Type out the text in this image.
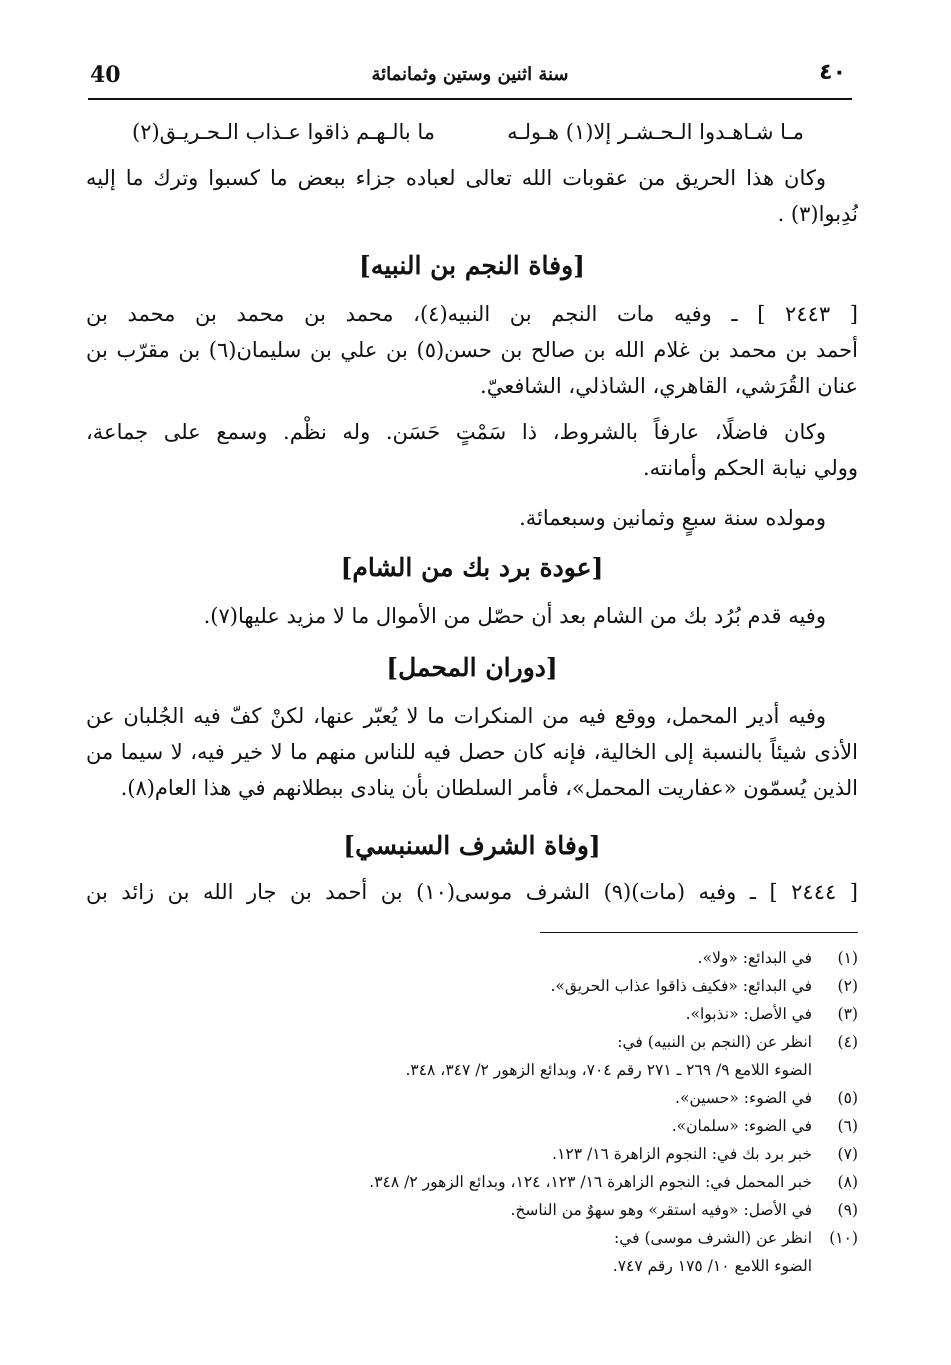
40	سنة اثنين وستين وثمانمائة	٤٠
مـا شـاهـدوا الـحـشـر إلا(١) هـولـه
ما بالـهـم ذاقوا عـذاب الـحـريـق(٢)
وكان هذا الحريق من عقوبات الله تعالى لعباده جزاء ببعض ما كسبوا وترك ما إليه
نُدِبوا(٣) .
[وفاة النجم بن النبيه]
[ ٢٤٤٣ ] ـ وفيه مات النجم بن النبيه(٤)، محمد بن محمد بن محمد بن
أحمد بن محمد بن غلام الله بن صالح بن حسن(٥) بن علي بن سليمان(٦) بن مقرّب بن
عنان القُرَشي، القاهري، الشاذلي، الشافعيّ.
وكان فاضلًا، عارفاً بالشروط، ذا سَمْتٍ حَسَن. وله نظْم. وسمع على جماعة،
وولي نيابة الحكم وأمانته.
ومولده سنة سبعٍ وثمانين وسبعمائة.
[عودة برد بك من الشام]
وفيه قدم بُرُد بك من الشام بعد أن حصّل من الأموال ما لا مزيد عليها(٧).
[دوران المحمل]
وفيه أدير المحمل، ووقع فيه من المنكرات ما لا يُعبّر عنها، لكنْ كفّ فيه الجُلبان عن
الأذى شيئاً بالنسبة إلى الخالية، فإنه كان حصل فيه للناس منهم ما لا خير فيه، لا سيما من
الذين يُسمّون «عفاريت المحمل»، فأمر السلطان بأن ينادى ببطلانهم في هذا العام(٨).
[وفاة الشرف السنبسي]
[ ٢٤٤٤ ] ـ وفيه (مات)(٩) الشرف موسى(١٠) بن أحمد بن جار الله بن زائد بن
(١)في البدائع: «ولا».
(٢)في البدائع: «فكيف ذاقوا عذاب الحريق».
(٣)في الأصل: «نذبوا».
(٤)انظر عن (النجم بن النبيه) في:
الضوء اللامع ٩/ ٢٦٩ ـ ٢٧١ رقم ٧٠٤، وبدائع الزهور ٢/ ٣٤٧، ٣٤٨.
(٥)في الضوء: «حسين».
(٦)في الضوء: «سلمان».
(٧)خبر برد بك في: النجوم الزاهرة ١٦/ ١٢٣.
(٨)خبر المحمل في: النجوم الزاهرة ١٦/ ١٢٣، ١٢٤، وبدائع الزهور ٢/ ٣٤٨.
(٩)في الأصل: «وفيه استقر» وهو سهوٌ من الناسخ.
(١٠)انظر عن (الشرف موسى) في:
الضوء اللامع ١٠/ ١٧٥ رقم ٧٤٧.
